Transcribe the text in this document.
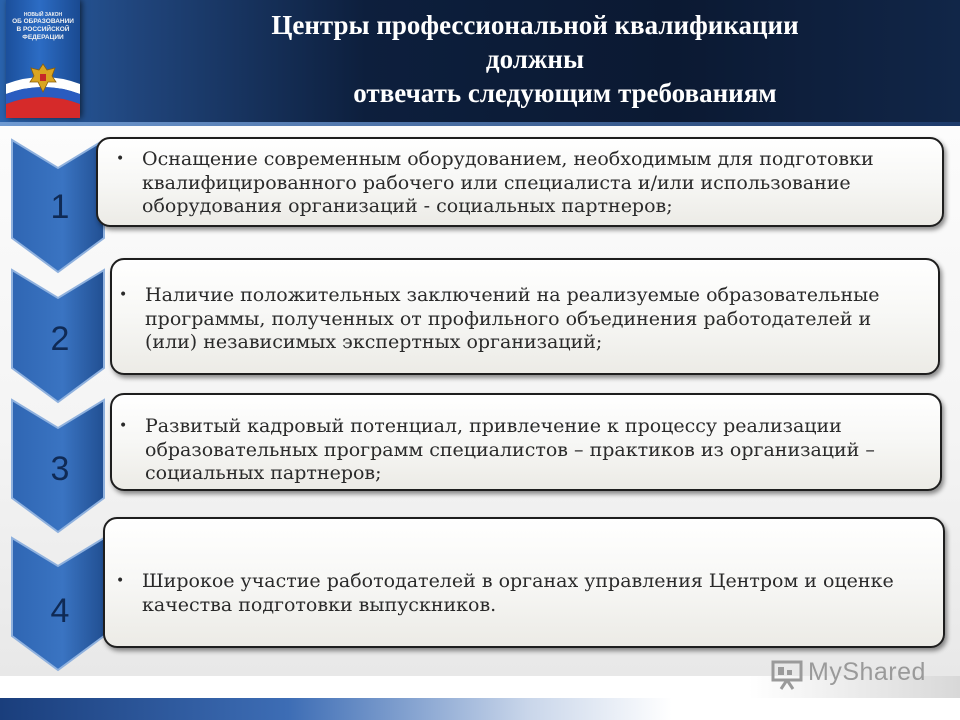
НОВЫЙ ЗАКОН
ОБ ОБРАЗОВАНИИ
В РОССИЙСКОЙ
ФЕДЕРАЦИИ	Центры профессиональной квалификации
должны
отвечать следующим требованиям
1
• Оснащение современным оборудованием, необходимым для подготовки квалифицированного рабочего или специалиста и/или использование оборудования организаций - социальных партнеров;
2
• Наличие положительных заключений на реализуемые образовательные программы, полученных от профильного объединения работодателей и (или) независимых экспертных организаций;
3
• Развитый кадровый потенциал, привлечение к процессу реализации образовательных программ специалистов – практиков из организаций – социальных партнеров;
4
• Широкое участие работодателей в органах управления Центром и оценке качества подготовки выпускников.
MyShared
